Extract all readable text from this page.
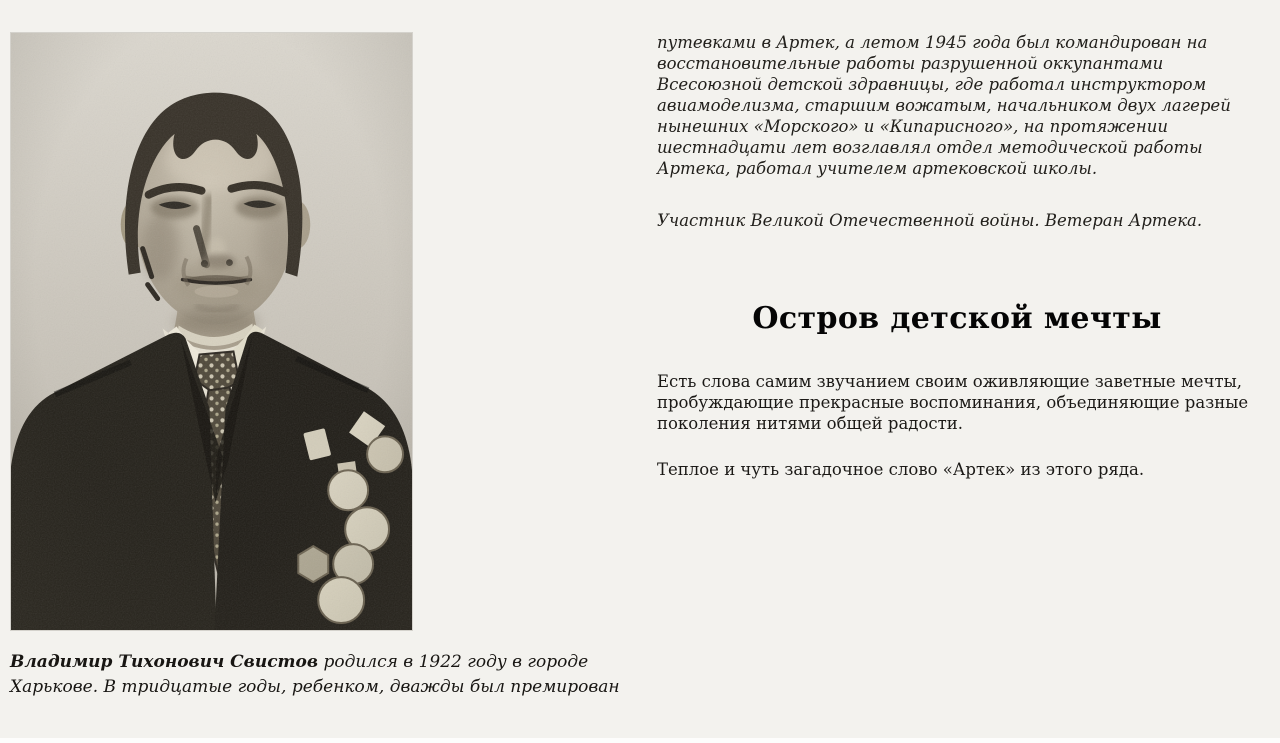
Владимир Тихонович Свистов родился в 1922 году в городе Харькове. В тридцатые годы, ребенком, дважды был премирован

путевками в Артек, а летом 1945 года был командирован на восстановительные работы разрушенной оккупантами Всесоюзной детской здравницы, где работал инструктором авиамоделизма, старшим вожатым, начальником двух лагерей нынешних «Морского» и «Кипарисного», на протяжении шестнадцати лет возглавлял отдел методической работы Артека, работал учителем артековской школы.

Участник Великой Отечественной войны. Ветеран Артека.

Остров детской мечты

Есть слова самим звучанием своим оживляющие заветные мечты, пробуждающие прекрасные воспоминания, объединяющие разные поколения нитями общей радости.

Теплое и чуть загадочное слово «Артек» из этого ряда.
